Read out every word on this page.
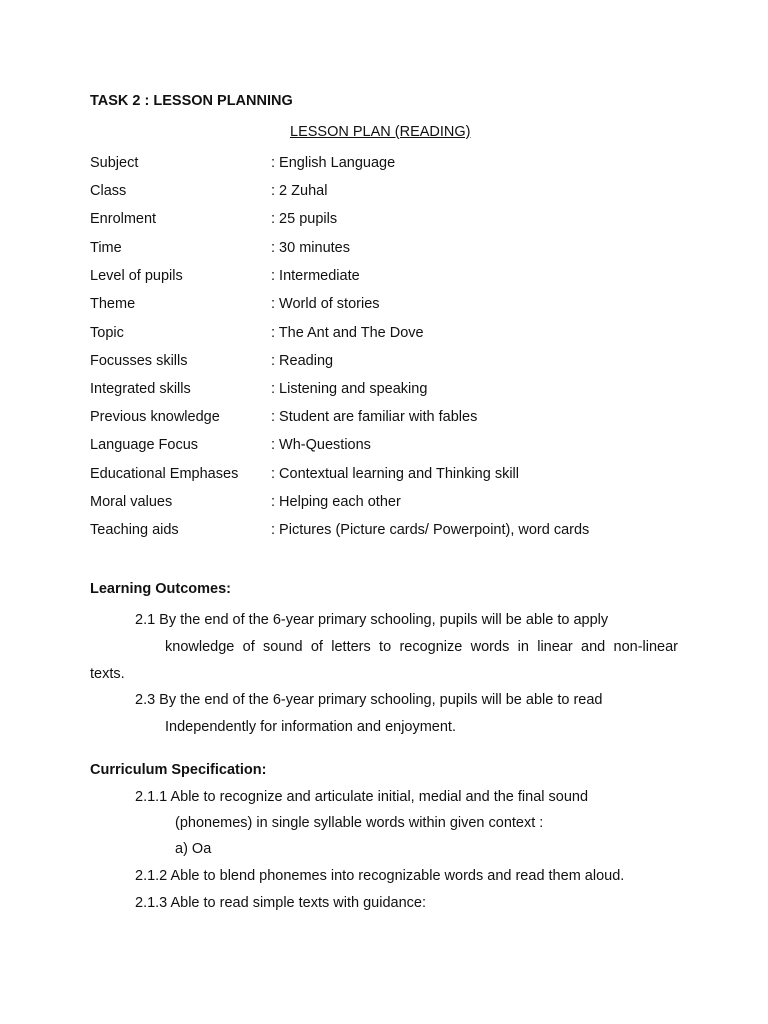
TASK 2 : LESSON PLANNING
LESSON PLAN (READING)
Subject	: English Language
Class	: 2 Zuhal
Enrolment	: 25 pupils
Time	: 30 minutes
Level of pupils	: Intermediate
Theme	: World of stories
Topic	: The Ant and The Dove
Focusses skills	: Reading
Integrated skills	: Listening and speaking
Previous knowledge	: Student are familiar with fables
Language Focus	: Wh-Questions
Educational Emphases : Contextual learning and Thinking skill
Moral values	: Helping each other
Teaching aids	: Pictures (Picture cards/ Powerpoint), word cards
Learning Outcomes:
2.1 By the end of the 6-year primary schooling, pupils will be able to apply
knowledge of sound of letters to recognize words in linear and non-linear
texts.
2.3 By the end of the 6-year primary schooling, pupils will be able to read
Independently for information and enjoyment.
Curriculum Specification:
2.1.1 Able to recognize and articulate initial, medial and the final sound
(phonemes) in single syllable words within given context :
a) Oa
2.1.2 Able to blend phonemes into recognizable words and read them aloud.
2.1.3 Able to read simple texts with guidance:
